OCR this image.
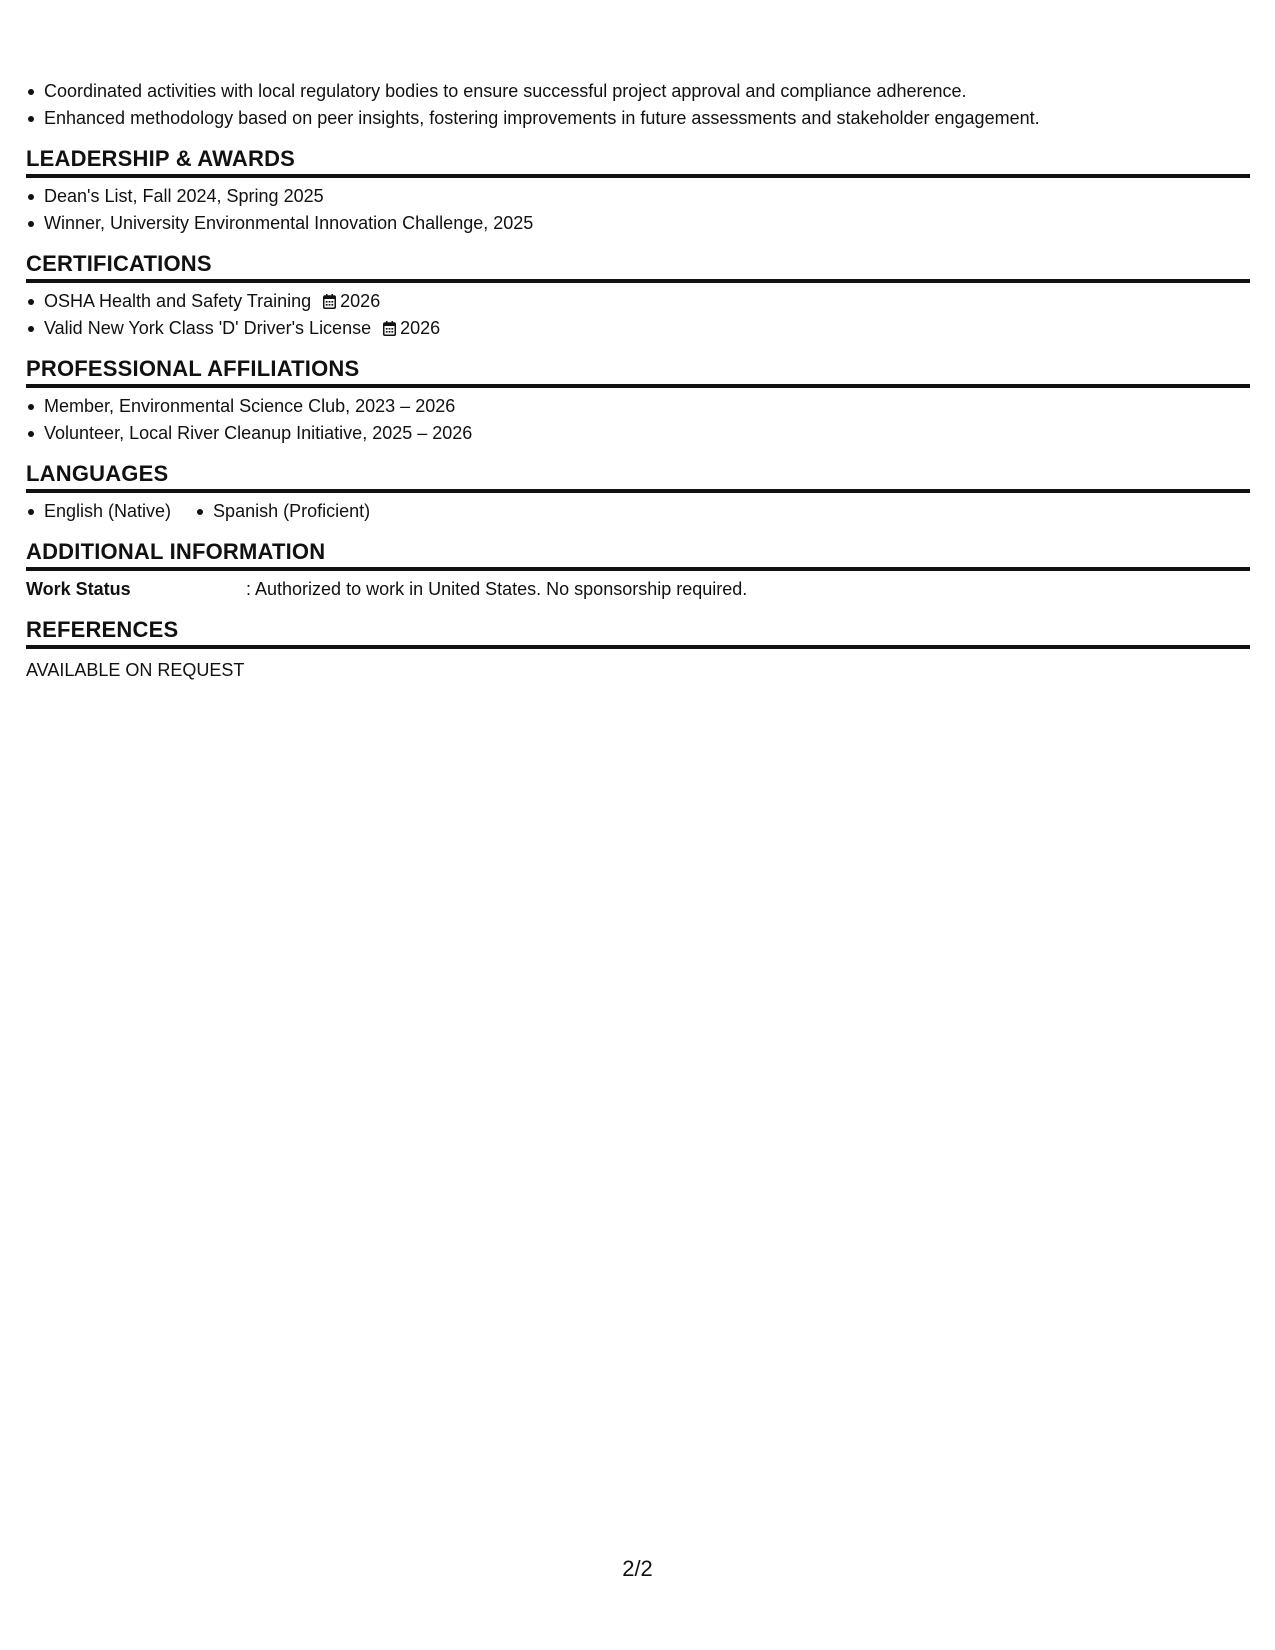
Coordinated activities with local regulatory bodies to ensure successful project approval and compliance adherence.
Enhanced methodology based on peer insights, fostering improvements in future assessments and stakeholder engagement.
LEADERSHIP & AWARDS
Dean's List, Fall 2024, Spring 2025
Winner, University Environmental Innovation Challenge, 2025
CERTIFICATIONS
OSHA Health and Safety Training 2026
Valid New York Class 'D' Driver's License 2026
PROFESSIONAL AFFILIATIONS
Member, Environmental Science Club, 2023 – 2026
Volunteer, Local River Cleanup Initiative, 2025 – 2026
LANGUAGES
English (Native)	Spanish (Proficient)
ADDITIONAL INFORMATION
Work Status	: Authorized to work in United States. No sponsorship required.
REFERENCES
AVAILABLE ON REQUEST
2/2
